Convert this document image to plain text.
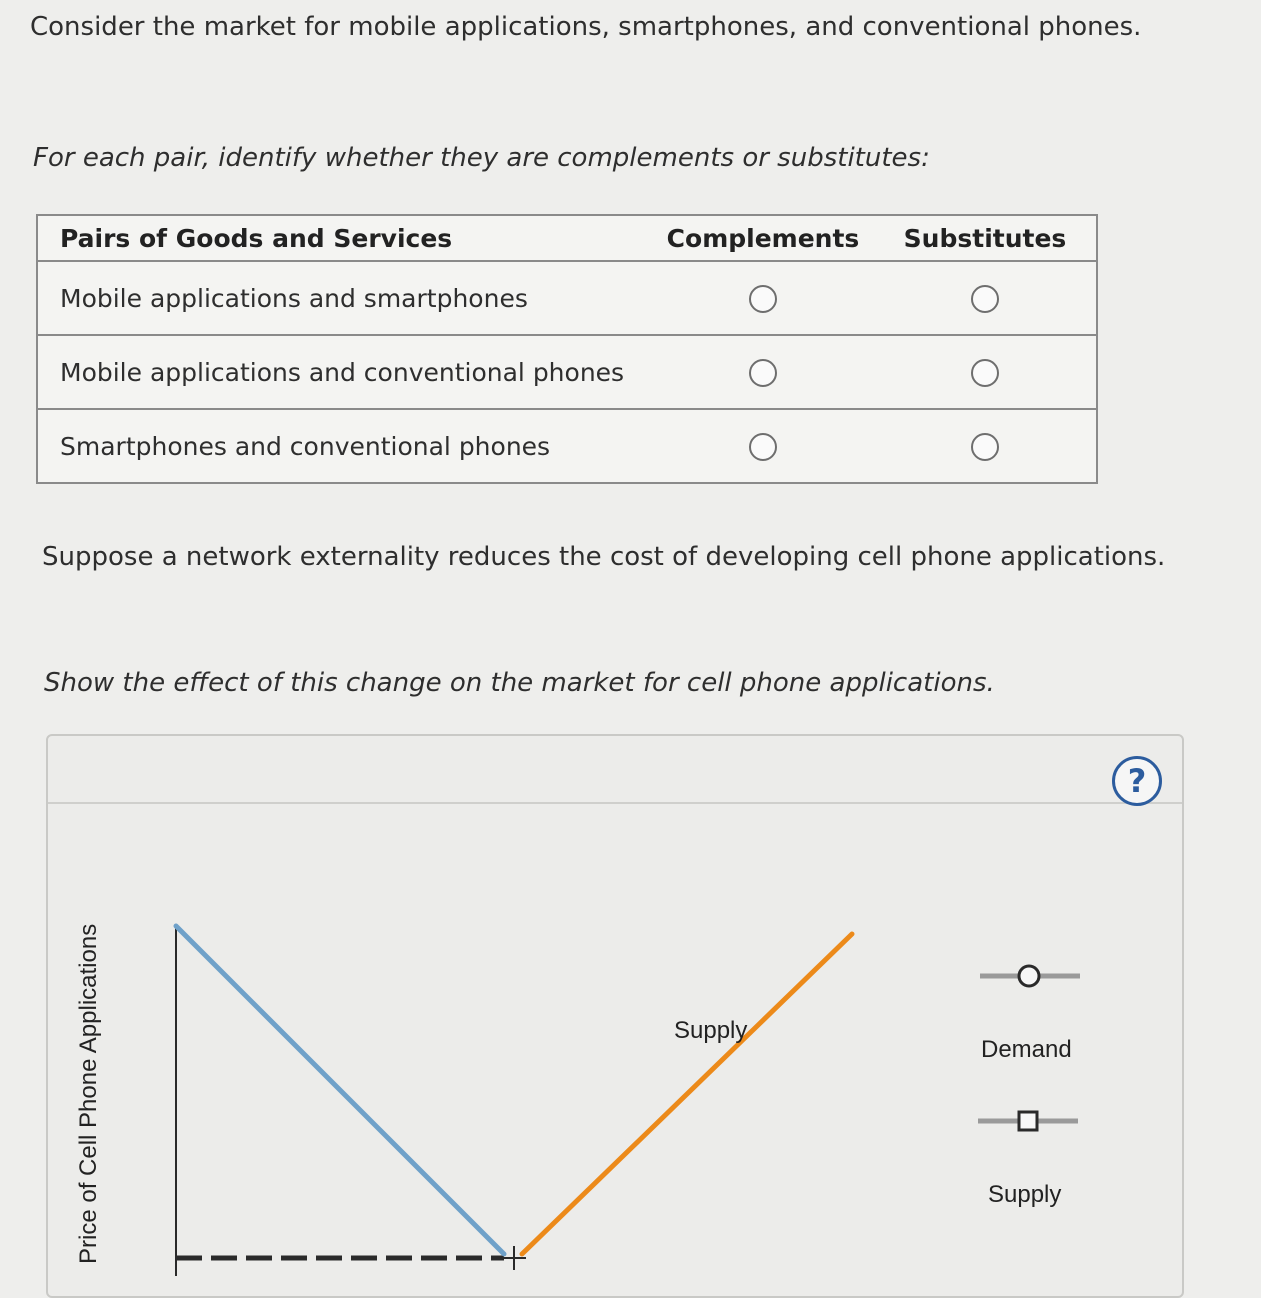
Consider the market for mobile applications, smartphones, and conventional phones.
For each pair, identify whether they are complements or substitutes:
Pairs of Goods and Services	Complements	Substitutes
Mobile applications and smartphones		
Mobile applications and conventional phones		
Smartphones and conventional phones		
Suppose a network externality reduces the cost of developing cell phone applications.
Show the effect of this change on the market for cell phone applications.
?
Price of Cell Phone Applications	Supply
Demand
Supply
